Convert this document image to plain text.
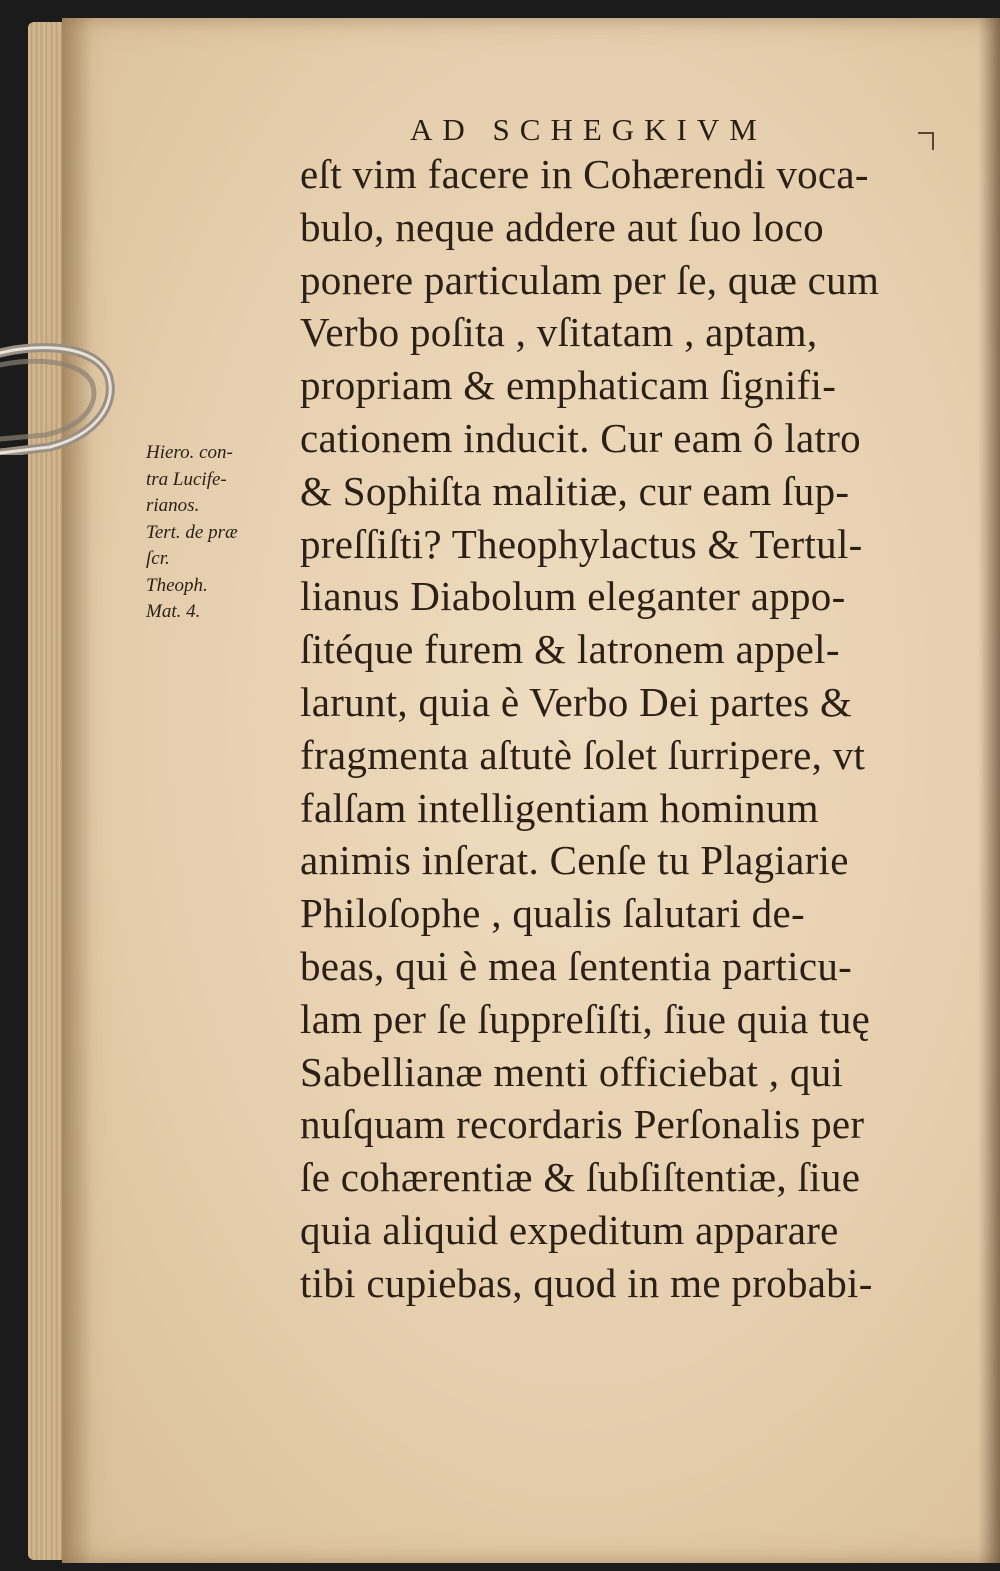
AD SCHEGKIVM
Hiero. con-
tra Lucife-
rianos.
Tert. de præ
ſcr.
Theoph.
Mat. 4.
eſt vim facere in Cohærendi voca-
bulo, neque addere aut ſuo loco
ponere particulam per ſe, quæ cum
Verbo poſita , vſitatam , aptam,
propriam & emphaticam ſignifi-
cationem inducit. Cur eam ô latro
& Sophiſta malitiæ, cur eam ſup-
preſſiſti? Theophylactus & Tertul-
lianus Diabolum eleganter appo-
ſitéque furem & latronem appel-
larunt, quia è Verbo Dei partes &
fragmenta aſtutè ſolet ſurripere, vt
falſam intelligentiam hominum
animis inſerat. Cenſe tu Plagiarie
Philoſophe , qualis ſalutari de-
beas, qui è mea ſententia particu-
lam per ſe ſuppreſiſti, ſiue quia tuę
Sabellianæ menti officiebat , qui
nuſquam recordaris Perſonalis per
ſe cohærentiæ & ſubſiſtentiæ, ſiue
quia aliquid expeditum apparare
tibi cupiebas, quod in me probabi-
